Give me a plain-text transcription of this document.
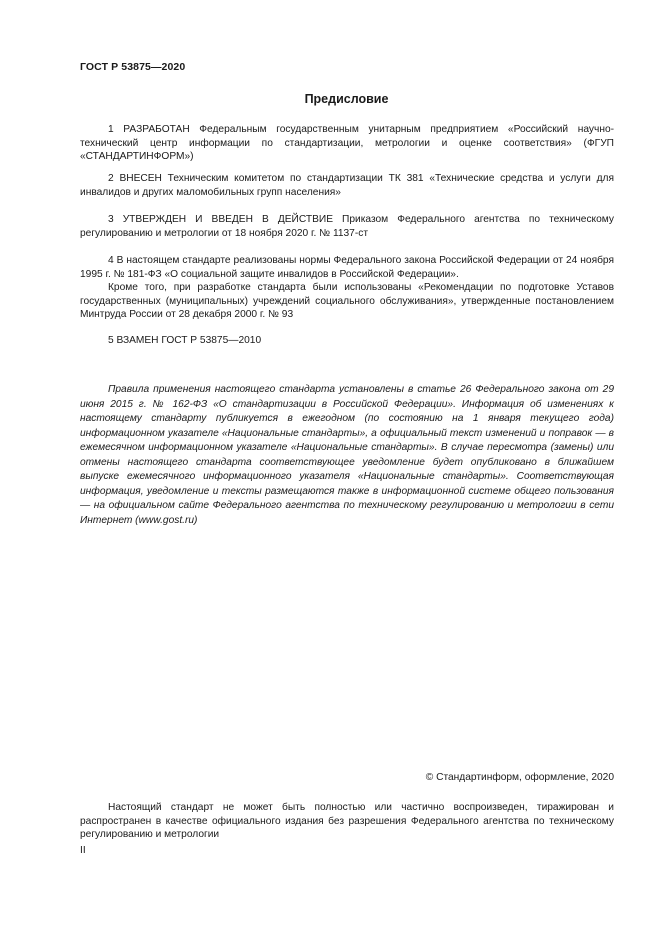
ГОСТ Р 53875—2020
Предисловие

1 РАЗРАБОТАН Федеральным государственным унитарным предприятием «Российский научно-технический центр информации по стандартизации, метрологии и оценке соответствия» (ФГУП «СТАНДАРТИНФОРМ»)

2 ВНЕСЕН Техническим комитетом по стандартизации ТК 381 «Технические средства и услуги для инвалидов и других маломобильных групп населения»

3 УТВЕРЖДЕН И ВВЕДЕН В ДЕЙСТВИЕ Приказом Федерального агентства по техническому регулированию и метрологии от 18 ноября 2020 г. № 1137-ст

4 В настоящем стандарте реализованы нормы Федерального закона Российской Федерации от 24 ноября 1995 г. № 181-ФЗ «О социальной защите инвалидов в Российской Федерации».

Кроме того, при разработке стандарта были использованы «Рекомендации по подготовке Уставов государственных (муниципальных) учреждений социального обслуживания», утвержденные постановлением Минтруда России от 28 декабря 2000 г. № 93

5 ВЗАМЕН ГОСТ Р 53875—2010

Правила применения настоящего стандарта установлены в статье 26 Федерального закона от 29 июня 2015 г. № 162-ФЗ «О стандартизации в Российской Федерации». Информация об изменениях к настоящему стандарту публикуется в ежегодном (по состоянию на 1 января текущего года) информационном указателе «Национальные стандарты», а официальный текст изменений и поправок — в ежемесячном информационном указателе «Национальные стандарты». В случае пересмотра (замены) или отмены настоящего стандарта соответствующее уведомление будет опубликовано в ближайшем выпуске ежемесячного информационного указателя «Национальные стандарты». Соответствующая информация, уведомление и тексты размещаются также в информационной системе общего пользования — на официальном сайте Федерального агентства по техническому регулированию и метрологии в сети Интернет (www.gost.ru)
© Стандартинформ, оформление, 2020
Настоящий стандарт не может быть полностью или частично воспроизведен, тиражирован и распространен в качестве официального издания без разрешения Федерального агентства по техническому регулированию и метрологии
II
